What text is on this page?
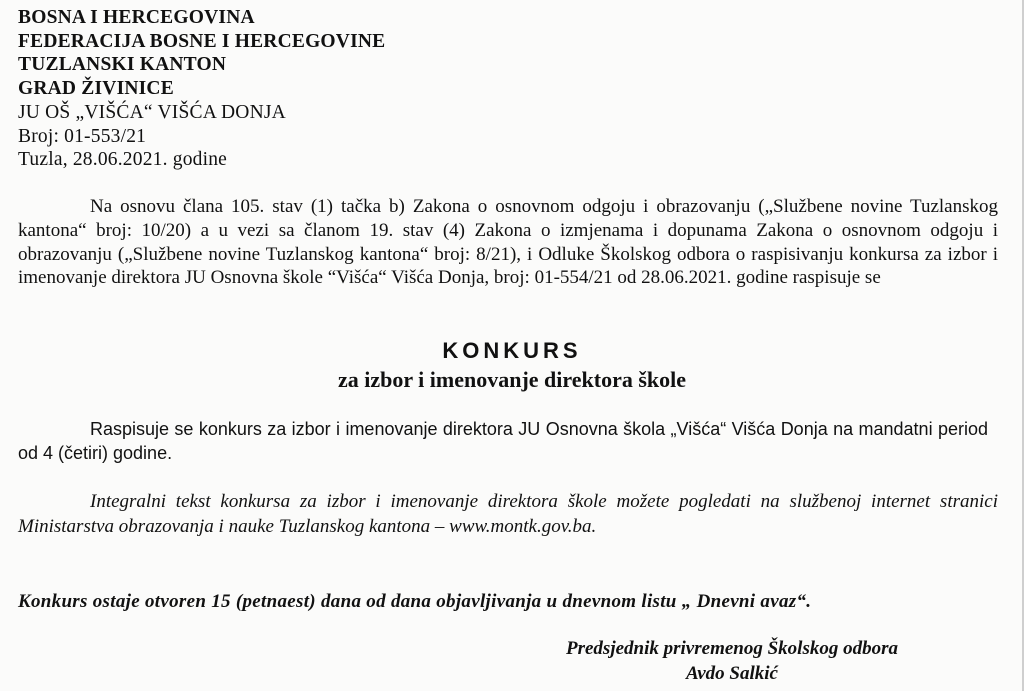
BOSNA I HERCEGOVINA
FEDERACIJA BOSNE I HERCEGOVINE
TUZLANSKI KANTON
GRAD ŽIVINICE
JU OŠ „VIŠĆA“ VIŠĆA DONJA
Broj: 01-553/21
Tuzla, 28.06.2021. godine
Na osnovu člana 105. stav (1) tačka b) Zakona o osnovnom odgoju i obrazovanju („Službene novine Tuzlanskog kantona“ broj: 10/20) a u vezi sa članom 19. stav (4) Zakona o izmjenama i dopunama Zakona o osnovnom odgoju i obrazovanju („Službene novine Tuzlanskog kantona“ broj: 8/21), i Odluke Školskog odbora o raspisivanju konkursa za izbor i imenovanje direktora JU Osnovna škole “Višća“ Višća Donja, broj: 01-554/21 od 28.06.2021. godine raspisuje se
KONKURS
za izbor i imenovanje direktora škole
Raspisuje se konkurs za izbor i imenovanje direktora JU Osnovna škola „Višća“ Višća Donja na mandatni period od 4 (četiri) godine.
Integralni tekst konkursa za izbor i imenovanje direktora škole možete pogledati na službenoj internet stranici Ministarstva obrazovanja i nauke Tuzlanskog kantona – www.montk.gov.ba.
Konkurs ostaje otvoren 15 (petnaest) dana od dana objavljivanja u dnevnom listu „ Dnevni avaz“.
Predsjednik privremenog Školskog odbora
Avdo Salkić
